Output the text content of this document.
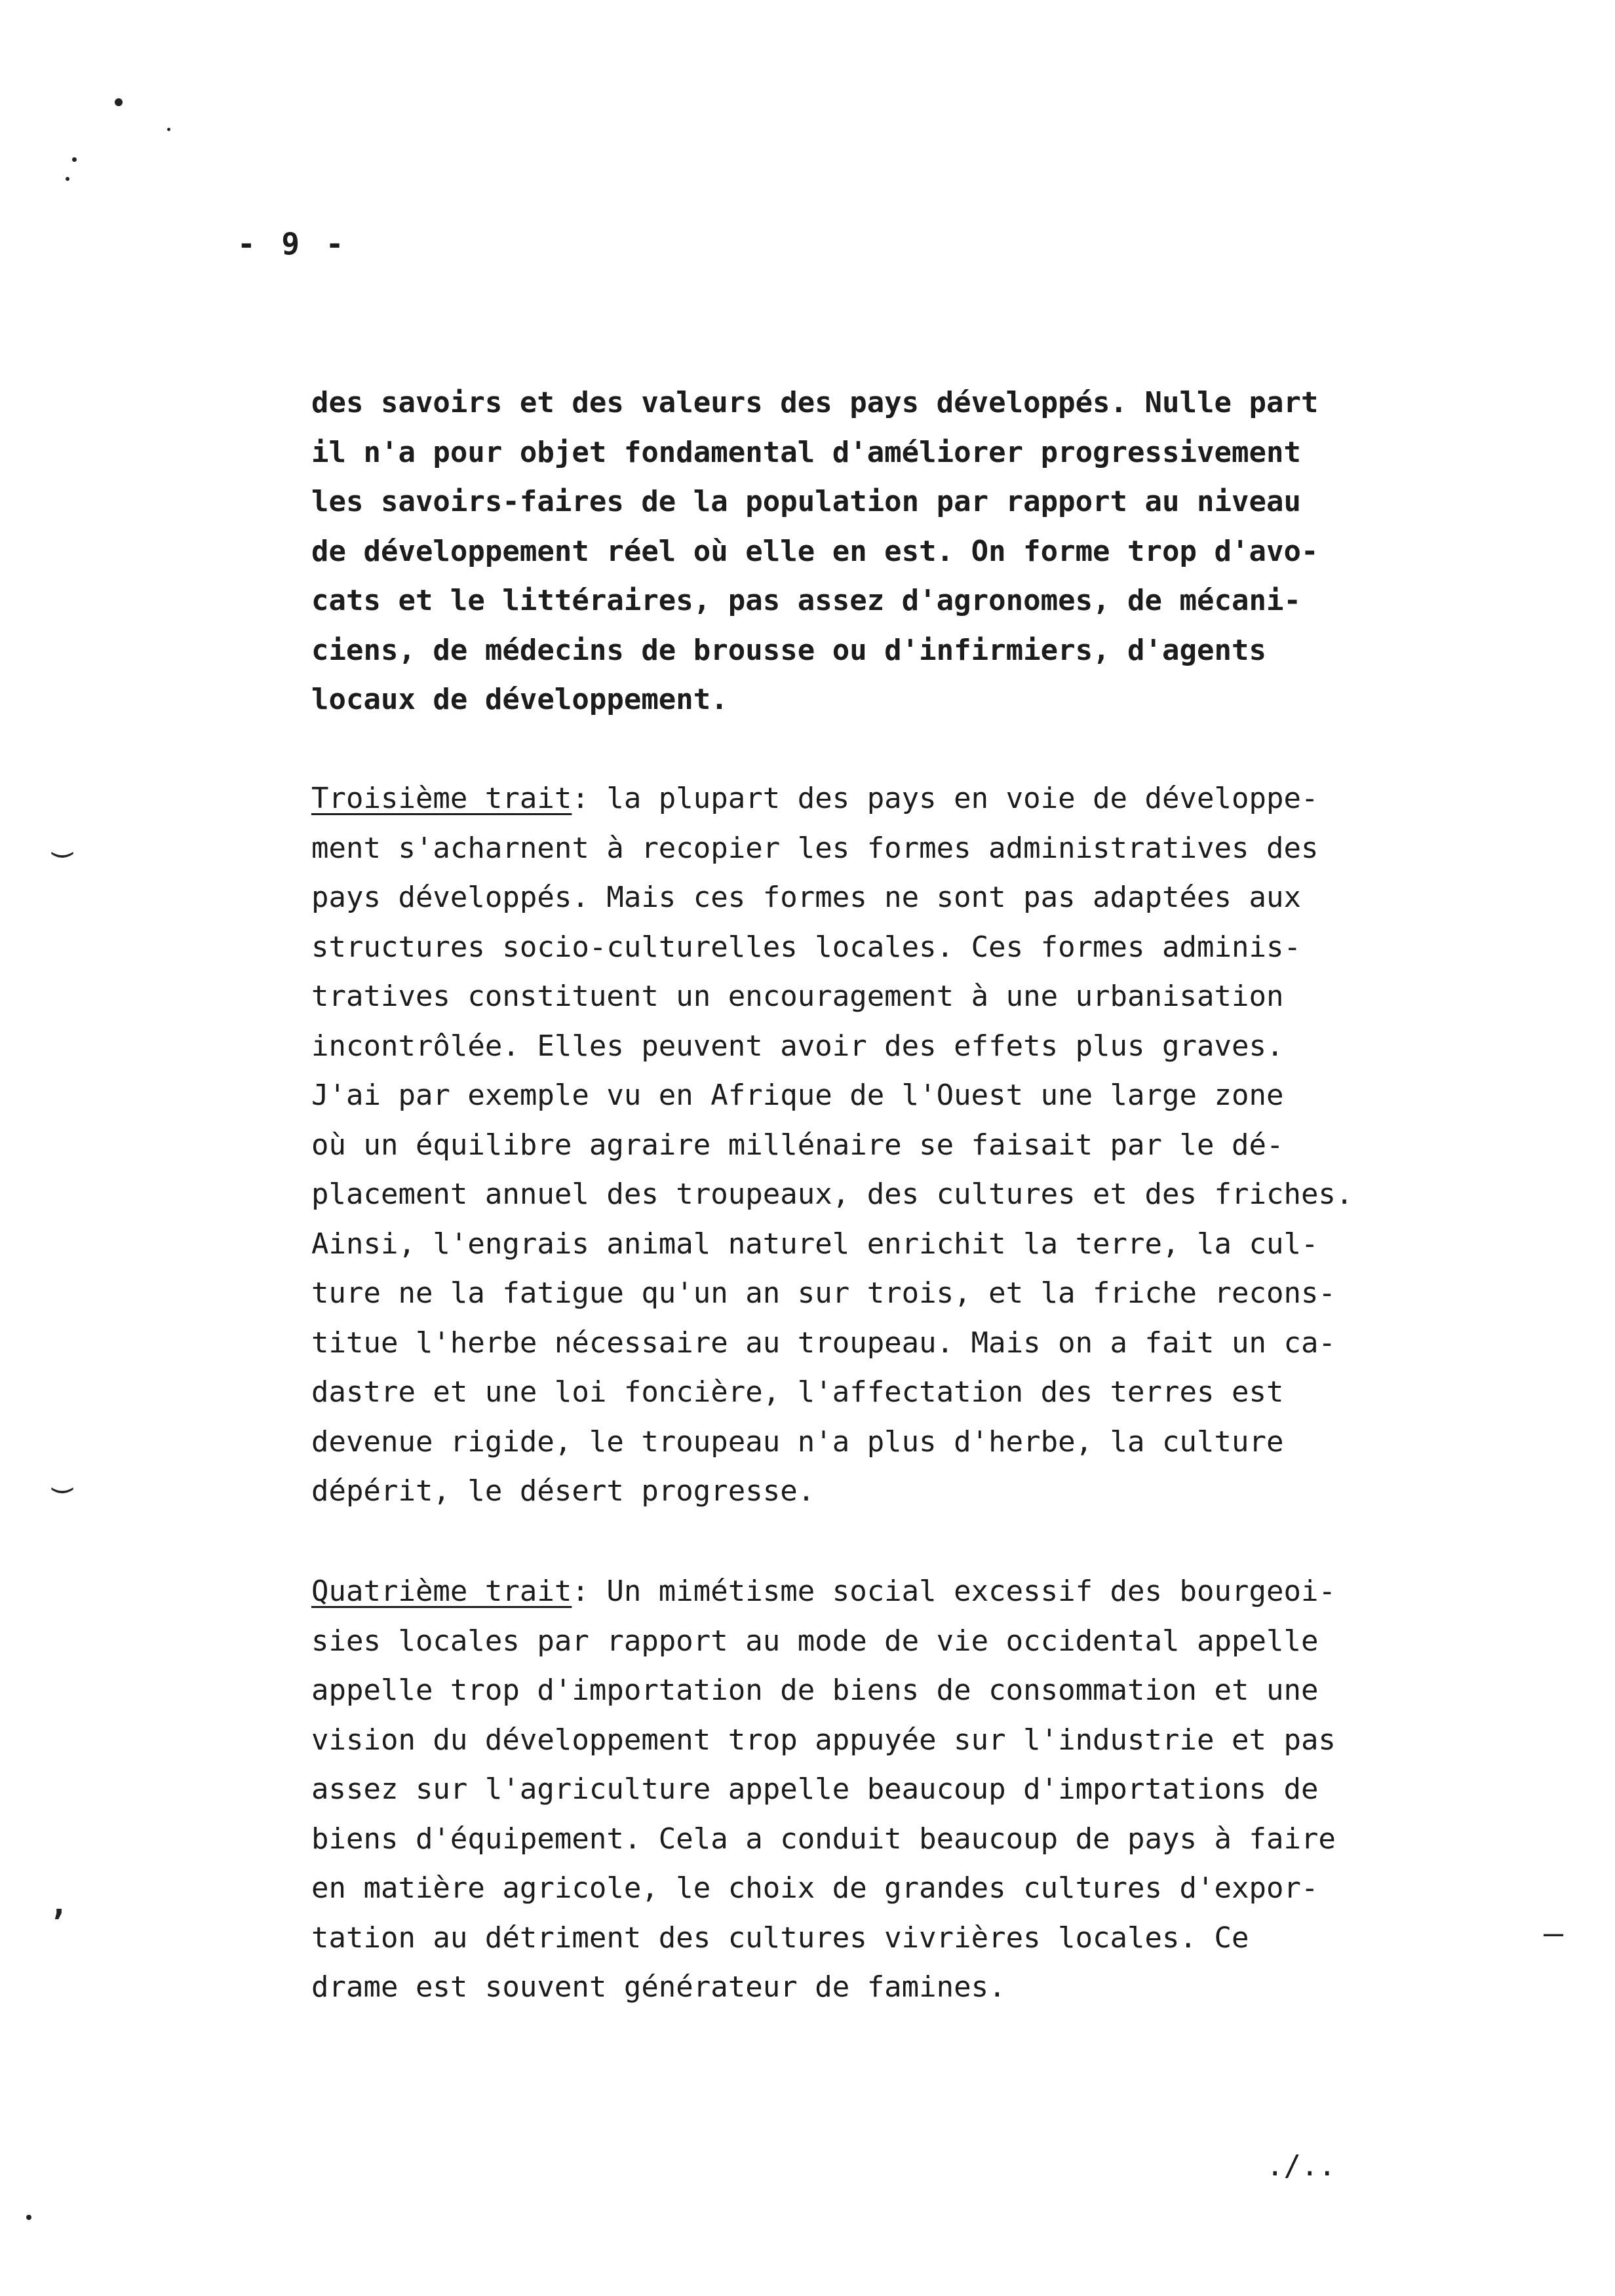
- 9 -
des savoirs et des valeurs des pays développés. Nulle part
il n'a pour objet fondamental d'améliorer progressivement
les savoirs-faires de la population par rapport au niveau
de développement réel où elle en est. On forme trop d'avo-
cats et le littéraires, pas assez d'agronomes, de mécani-
ciens, de médecins de brousse ou d'infirmiers, d'agents
locaux de développement.
Troisième trait: la plupart des pays en voie de développe-
ment s'acharnent à recopier les formes administratives des
pays développés. Mais ces formes ne sont pas adaptées aux
structures socio-culturelles locales. Ces formes adminis-
tratives constituent un encouragement à une urbanisation
incontrôlée. Elles peuvent avoir des effets plus graves.
J'ai par exemple vu en Afrique de l'Ouest une large zone
où un équilibre agraire millénaire se faisait par le dé-
placement annuel des troupeaux, des cultures et des friches.
Ainsi, l'engrais animal naturel enrichit la terre, la cul-
ture ne la fatigue qu'un an sur trois, et la friche recons-
titue l'herbe nécessaire au troupeau. Mais on a fait un ca-
dastre et une loi foncière, l'affectation des terres est
devenue rigide, le troupeau n'a plus d'herbe, la culture
dépérit, le désert progresse.
Quatrième trait: Un mimétisme social excessif des bourgeoi-
sies locales par rapport au mode de vie occidental appelle
appelle trop d'importation de biens de consommation et une
vision du développement trop appuyée sur l'industrie et pas
assez sur l'agriculture appelle beaucoup d'importations de
biens d'équipement. Cela a conduit beaucoup de pays à faire
en matière agricole, le choix de grandes cultures d'expor-
tation au détriment des cultures vivrières locales. Ce
drame est souvent générateur de famines.
./..
‿
‿
―
,
